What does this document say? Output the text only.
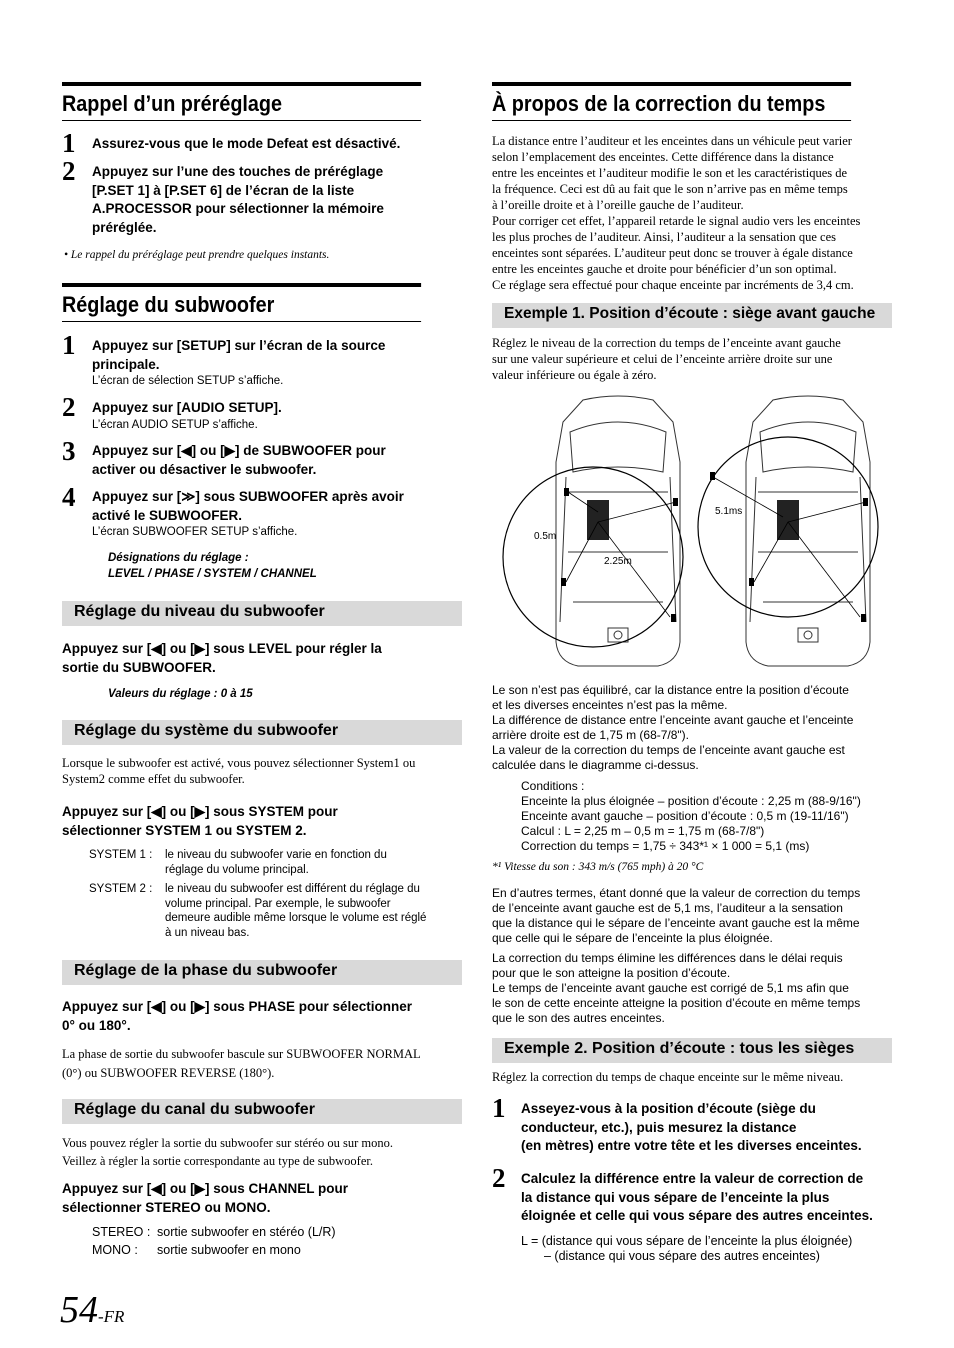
Rappel d’un préréglage
1 Assurez-vous que le mode Defeat est désactivé.
2 Appuyez sur l’une des touches de préréglage
[P.SET 1] à [P.SET 6] de l’écran de la liste
A.PROCESSOR pour sélectionner la mémoire
préréglée.
• Le rappel du préréglage peut prendre quelques instants.
Réglage du subwoofer
1 Appuyez sur [SETUP] sur l’écran de la source
principale.
L’écran de sélection SETUP s’affiche.
2 Appuyez sur [AUDIO SETUP].
L’écran AUDIO SETUP s’affiche.
3 Appuyez sur [◀] ou [▶] de SUBWOOFER pour
activer ou désactiver le subwoofer.
4 Appuyez sur [≫] sous SUBWOOFER après avoir
activé le SUBWOOFER.
L’écran SUBWOOFER SETUP s’affiche.
Désignations du réglage :
LEVEL / PHASE / SYSTEM / CHANNEL
Réglage du niveau du subwoofer
Appuyez sur [◀] ou [▶] sous LEVEL pour régler la
sortie du SUBWOOFER.
Valeurs du réglage : 0 à 15
Réglage du système du subwoofer
Lorsque le subwoofer est activé, vous pouvez sélectionner System1 ou
System2 comme effet du subwoofer.
Appuyez sur [◀] ou [▶] sous SYSTEM pour
sélectionner SYSTEM 1 ou SYSTEM 2.
SYSTEM 1 : le niveau du subwoofer varie en fonction du
réglage du volume principal.
SYSTEM 2 : le niveau du subwoofer est différent du réglage du
volume principal. Par exemple, le subwoofer
demeure audible même lorsque le volume est réglé
à un niveau bas.
Réglage de la phase du subwoofer
Appuyez sur [◀] ou [▶] sous PHASE pour sélectionner
0° ou 180°.
La phase de sortie du subwoofer bascule sur SUBWOOFER NORMAL
(0°) ou SUBWOOFER REVERSE (180°).
Réglage du canal du subwoofer
Vous pouvez régler la sortie du subwoofer sur stéréo ou sur mono.
Veillez à régler la sortie correspondante au type de subwoofer.
Appuyez sur [◀] ou [▶] sous CHANNEL pour
sélectionner STEREO ou MONO.
STEREO : sortie subwoofer en stéréo (L/R)
MONO : sortie subwoofer en mono
54-FR
À propos de la correction du temps
La distance entre l’auditeur et les enceintes dans un véhicule peut varier
selon l’emplacement des enceintes. Cette différence dans la distance
entre les enceintes et l’auditeur modifie le son et les caractéristiques de
la fréquence. Ceci est dû au fait que le son n’arrive pas en même temps
à l’oreille droite et à l’oreille gauche de l’auditeur.
Pour corriger cet effet, l’appareil retarde le signal audio vers les enceintes
les plus proches de l’auditeur. Ainsi, l’auditeur a la sensation que ces
enceintes sont séparées. L’auditeur peut donc se trouver à égale distance
entre les enceintes gauche et droite pour bénéficier d’un son optimal.
Ce réglage sera effectué pour chaque enceinte par incréments de 3,4 cm.
Exemple 1. Position d’écoute : siège avant gauche
Réglez le niveau de la correction du temps de l’enceinte avant gauche
sur une valeur supérieure et celui de l’enceinte arrière droite sur une
valeur inférieure ou égale à zéro.
0.5m
2.25m
5.1ms
Le son n’est pas équilibré, car la distance entre la position d’écoute
et les diverses enceintes n’est pas la même.
La différence de distance entre l’enceinte avant gauche et l’enceinte
arrière droite est de 1,75 m (68-7/8").
La valeur de la correction du temps de l’enceinte avant gauche est
calculée dans le diagramme ci-dessus.
Conditions :
Enceinte la plus éloignée – position d’écoute : 2,25 m (88-9/16")
Enceinte avant gauche – position d’écoute : 0,5 m (19-11/16")
Calcul : L = 2,25 m – 0,5 m = 1,75 m (68-7/8")
Correction du temps = 1,75 ÷ 343*¹ × 1 000 = 5,1 (ms)
*¹ Vitesse du son : 343 m/s (765 mph) à 20 °C
En d’autres termes, étant donné que la valeur de correction du temps
de l’enceinte avant gauche est de 5,1 ms, l’auditeur a la sensation
que la distance qui le sépare de l’enceinte avant gauche est la même
que celle qui le sépare de l’enceinte la plus éloignée.
La correction du temps élimine les différences dans le délai requis
pour que le son atteigne la position d’écoute.
Le temps de l’enceinte avant gauche est corrigé de 5,1 ms afin que
le son de cette enceinte atteigne la position d’écoute en même temps
que le son des autres enceintes.
Exemple 2. Position d’écoute : tous les sièges
Réglez la correction du temps de chaque enceinte sur le même niveau.
1 Asseyez-vous à la position d’écoute (siège du
conducteur, etc.), puis mesurez la distance
(en mètres) entre votre tête et les diverses enceintes.
2 Calculez la différence entre la valeur de correction de
la distance qui vous sépare de l’enceinte la plus
éloignée et celle qui vous sépare des autres enceintes.
L = (distance qui vous sépare de l’enceinte la plus éloignée)
– (distance qui vous sépare des autres enceintes)
